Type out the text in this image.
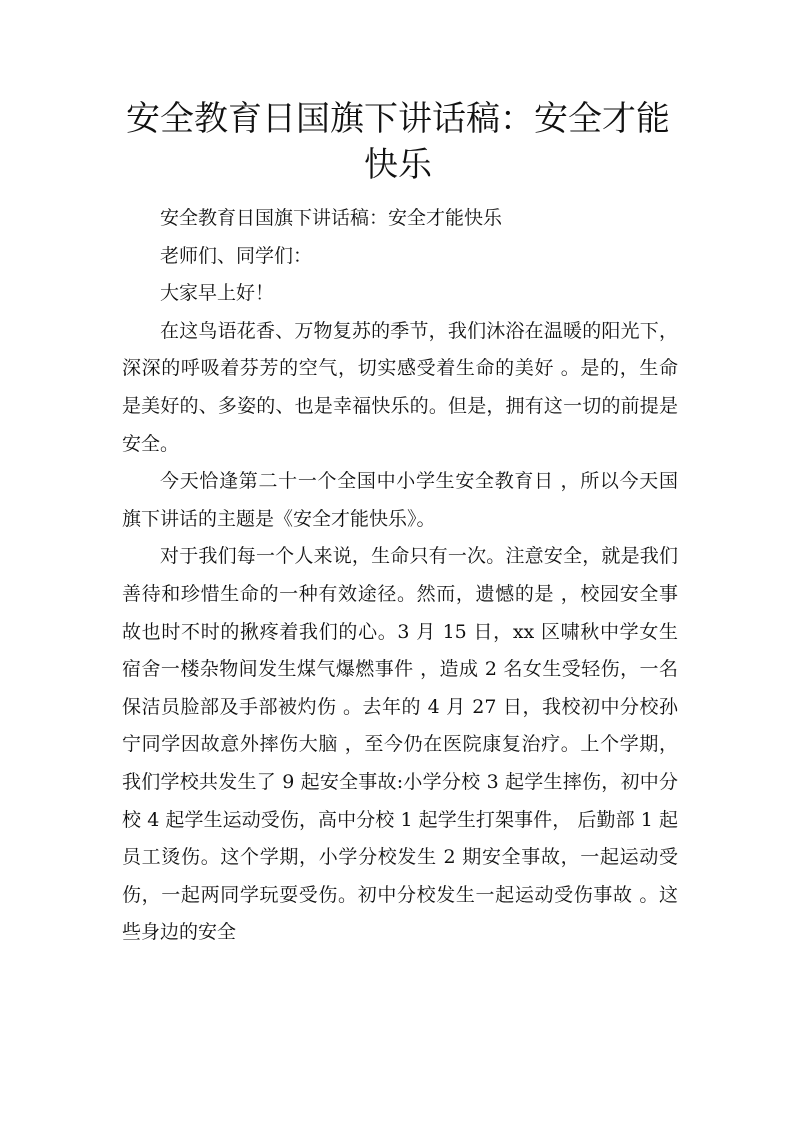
安全教育日国旗下讲话稿：安全才能快乐

安全教育日国旗下讲话稿：安全才能快乐

老师们、同学们：

大家早上好！

在这鸟语花香、万物复苏的季节，我们沐浴在温暖的阳光下，深深的呼吸着芬芳的空气，切实感受着生命的美好 。是的，生命是美好的、多姿的、也是幸福快乐的。但是，拥有这一切的前提是安全。

今天恰逢第二十一个全国中小学生安全教育日 ，所以今天国旗下讲话的主题是《安全才能快乐》。

对于我们每一个人来说，生命只有一次。注意安全，就是我们善待和珍惜生命的一种有效途径。然而，遗憾的是 ，校园安全事故也时不时的揪疼着我们的心。3 月 15 日，xx 区啸秋中学女生宿舍一楼杂物间发生煤气爆燃事件 ，造成 2 名女生受轻伤，一名保洁员脸部及手部被灼伤 。去年的 4 月 27 日，我校初中分校孙宁同学因故意外摔伤大脑 ，至今仍在医院康复治疗。上个学期，我们学校共发生了 9 起安全事故:小学分校 3 起学生摔伤，初中分校 4 起学生运动受伤，高中分校 1 起学生打架事件， 后勤部 1 起员工烫伤。这个学期，小学分校发生 2 期安全事故，一起运动受伤，一起两同学玩耍受伤。初中分校发生一起运动受伤事故 。这些身边的安全
